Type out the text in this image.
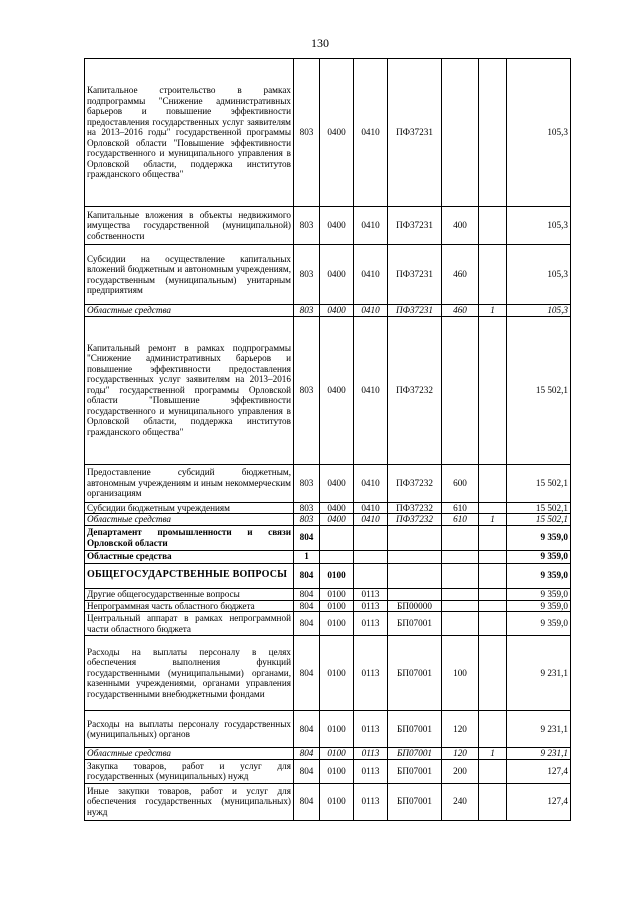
130
Капитальное строительство в рамках подпрограммы "Снижение административных барьеров и повышение эффективности предоставления государственных услуг заявителям на 2013–2016 годы" государственной программы Орловской области "Повышение эффективности государственного и муниципального управления в Орловской области, поддержка институтов гражданского общества"	803	0400	0410	ПФ37231			105,3
Капитальные вложения в объекты недвижимого имущества государственной (муниципальной) собственности	803	0400	0410	ПФ37231	400		105,3
Субсидии на осуществление капитальных вложений бюджетным и автономным учреждениям, государственным (муниципальным) унитарным предприятиям	803	0400	0410	ПФ37231	460		105,3
Областные средства	803	0400	0410	ПФ37231	460	1	105,3
Капитальный ремонт в рамках подпрограммы "Снижение административных барьеров и повышение эффективности предоставления государственных услуг заявителям на 2013–2016 годы" государственной программы Орловской области "Повышение эффективности государственного и муниципального управления в Орловской области, поддержка институтов гражданского общества"	803	0400	0410	ПФ37232			15 502,1
Предоставление субсидий бюджетным, автономным учреждениям и иным некоммерческим организациям	803	0400	0410	ПФ37232	600		15 502,1
Субсидии бюджетным учреждениям	803	0400	0410	ПФ37232	610		15 502,1
Областные средства	803	0400	0410	ПФ37232	610	1	15 502,1
Департамент промышленности и связи Орловской области	804						9 359,0
Областные средства	1						9 359,0
ОБЩЕГОСУДАРСТВЕННЫЕ ВОПРОСЫ	804	0100					9 359,0
Другие общегосударственные вопросы	804	0100	0113				9 359,0
Непрограммная часть областного бюджета	804	0100	0113	БП00000			9 359,0
Центральный аппарат в рамках непрограммной части областного бюджета	804	0100	0113	БП07001			9 359,0
Расходы на выплаты персоналу в целях обеспечения выполнения функций государственными (муниципальными) органами, казенными учреждениями, органами управления государственными внебюджетными фондами	804	0100	0113	БП07001	100		9 231,1
Расходы на выплаты персоналу государственных (муниципальных) органов	804	0100	0113	БП07001	120		9 231,1
Областные средства	804	0100	0113	БП07001	120	1	9 231,1
Закупка товаров, работ и услуг для государственных (муниципальных) нужд	804	0100	0113	БП07001	200		127,4
Иные закупки товаров, работ и услуг для обеспечения государственных (муниципальных) нужд	804	0100	0113	БП07001	240		127,4
